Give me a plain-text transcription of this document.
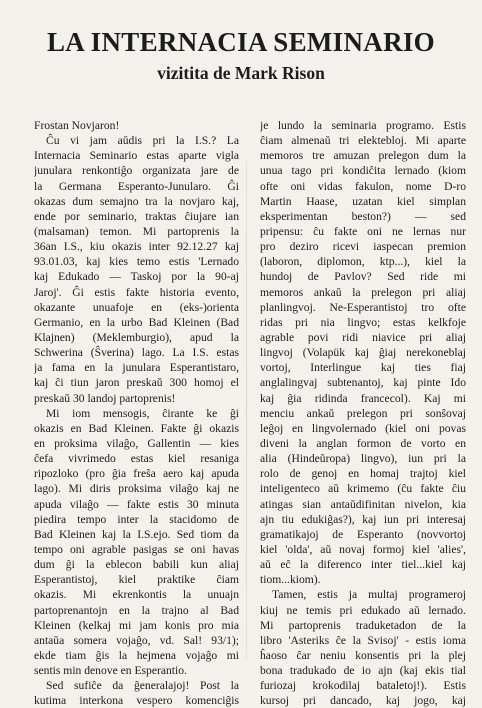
LA INTERNACIA SEMINARIO
vizitita de Mark Rison
Frostan Novjaron!
Ĉu vi jam aŭdis pri la I.S.? La
Internacia Seminario estas aparte vigla
junulara renkontiĝo organizata jare de
la Germana Esperanto-Junularo. Ĝi
okazas dum semajno tra la novjaro kaj,
ende por seminario, traktas ĉiujare ian
(malsaman) temon. Mi partoprenis la
36an I.S., kiu okazis inter 92.12.27 kaj
93.01.03, kaj kies temo estis 'Lernado
kaj Edukado — Taskoj por la 90-aj
Jaroj'. Ĝi estis fakte historia evento,
okazante unuafoje en (eks-)orienta
Germanio, en la urbo Bad Kleinen (Bad
Klajnen) (Meklemburgio), apud la
Schwerina (Ŝverina) lago. La I.S. estas
ja fama en la junulara Esperantistaro,
kaj ĉi tiun jaron preskaŭ 300 homoj el
preskaŭ 30 landoj partoprenis!
Mi iom mensogis, ĉirante ke ĝi
okazis en Bad Kleinen. Fakte ĝi okazis
en proksima vilaĝo, Gallentin — kies
ĉefa vivrimedo estas kiel resaniga
ripozloko (pro ĝia freŝa aero kaj apuda
lago). Mi diris proksima vilaĝo kaj ne
apuda vilaĝo — fakte estis 30 minuta
piedira tempo inter la stacidomo de
Bad Kleinen kaj la I.S.ejo. Sed tiom da
tempo oni agrable pasigas se oni havas
dum ĝi la eblecon babili kun aliaj
Esperantistoj, kiel praktike ĉiam
okazis. Mi ekrenkontis la unuajn
partoprenantojn en la trajno al Bad
Kleinen (kelkaj mi jam konis pro mia
antaŭa somera vojaĝo, vd. Sal! 93/1);
ekde tiam ĝis la hejmena vojaĝo mi
sentis min denove en Esperantio.
Sed sufiĉe da ĝeneralajoj! Post la
kutima interkona vespero komenciĝis
je lundo la seminaria programo. Estis
ĉiam almenaŭ tri elektebloj. Mi aparte
memoros tre amuzan prelegon dum la
unua tago pri kondiĉita lernado (kiom
ofte oni vidas fakulon, nome D-ro
Martin Haase, uzatan kiel simplan
eksperimentan beston?) — sed
pripensu: ĉu fakte oni ne lernas nur
pro deziro ricevi iaspecan premion
(laboron, diplomon, ktp...), kiel la
hundoj de Pavlov? Sed ride mi
memoros ankaŭ la prelegon pri aliaj
planlingvoj. Ne-Esperantistoj tro ofte
ridas pri nia lingvo; estas kelkfoje
agrable povi ridi niavice pri aliaj
lingvoj (Volapük kaj ĝiaj nerekoneblaj
vortoj, Interlingue kaj ties fiaj
anglalingvaj subtenantoj, kaj pinte Ido
kaj ĝia ridinda francecol). Kaj mi
menciu ankaŭ prelegon pri sonŝovaj
leĝoj en lingvolernado (kiel oni povas
diveni la anglan formon de vorto en
alia (Hindeŭropa) lingvo), iun pri la
rolo de genoj en homaj trajtoj kiel
inteligenteco aŭ krimemo (ĉu fakte ĉiu
atingas sian antaŭdifinitan nivelon, kia
ajn tiu edukiĝas?), kaj iun pri interesaj
gramatikajoj de Esperanto (novvortoj
kiel 'olda', aŭ novaj formoj kiel 'alies',
aŭ eĉ la diferenco inter tiel...kiel kaj
tiom...kiom).
Tamen, estis ja multaj programeroj
kiuj ne temis pri edukado aŭ lernado.
Mi partoprenis traduketadon de la
libro 'Asteriks ĉe la Svisoj' - estis ioma
ĥaoso ĉar neniu konsentis pri la plej
bona tradukado de io ajn (kaj ekis tial
furiozaj krokodilaj bataletoj!). Estis
kursoj pri dancado, kaj jogo, kaj
